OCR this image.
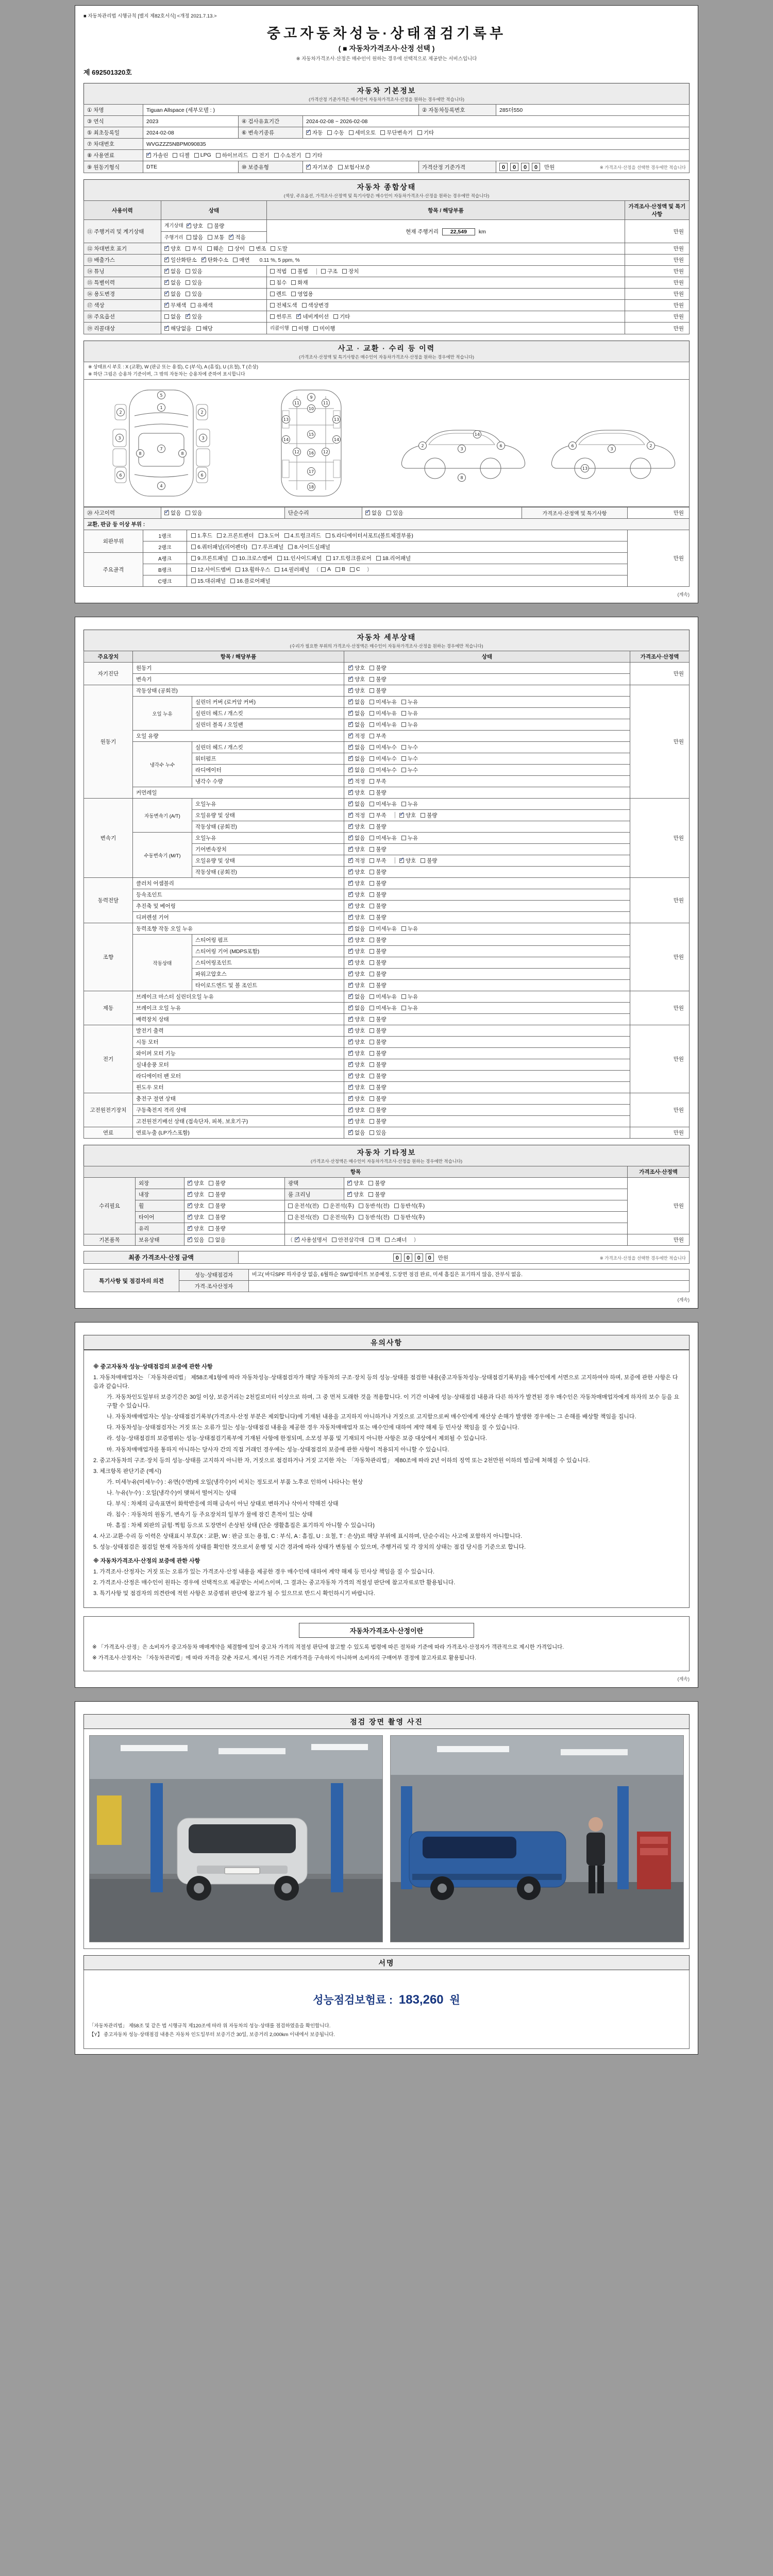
■ 자동차관리법 시행규칙 [별지 제82호서식] <개정 2021.7.13.>
중고자동차성능·상태점검기록부
( ■ 자동차가격조사·산정 선택 )
※ 자동차가격조사·산정은 매수인이 원하는 경우에 선택적으로 제공받는 서비스입니다
제 692501320호
자동차 기본정보
(가격산정 기준가격은 매수인이 자동차가격조사·산정을 원하는 경우에만 적습니다)
① 차명	Tiguan Allspace (세부모델 : )			② 자동차등록번호	285더550
③ 연식	2023	④ 검사유효기간	2024-02-08 ~ 2026-02-08		
⑤ 최초등록일	2024-02-08	⑥ 변속기종류	✓자동 수동 세미오토 무단변속기 기타
⑦ 차대번호	WVGZZZ5NBPM090835				
⑧ 사용연료	✓가솔린 디젤 LPG 하이브리드 전기 수소전기 기타
⑨ 원동기형식	DTE	⑩ 보증유형	✓자기보증 보험사보증	가격산정 기준가격	0 0 0 0 만원 ※ 가격조사·산정을 선택한 경우에만 적습니다
자동차 종합상태
(색상, 주요옵션, 가격조사·산정액 및 특기사항은 매수인이 자동차가격조사·산정을 원하는 경우에만 적습니다)
사용이력	상태	항목 / 해당부품	가격조사·산정액 및 특기사항
⑪ 주행거리 및 계기상태	계기상태 ✓ 양호 불량	현재 주행거리 22,549 km	만원
	주행거리 많음 보통 ✓ 적음
⑫ 차대번호 표기	✓양호 부식 훼손 상이 변조 도말		만원
⑬ 배출가스	✓일산화탄소 ✓ 탄화수소 매연 0.11 %, 5 ppm, %		만원
⑭ 튜닝	✓없음 있음	적법 불법 │ 구조 장치	만원
⑮ 특별이력	✓없음 있음	침수 화재	만원
⑯ 용도변경	✓없음 있음	렌트 영업용	만원
⑰ 색상	✓무채색 유채색	전체도색 색상변경	만원
⑱ 주요옵션	없음 ✓ 있음	썬루프 ✓ 네비게이션 기타	만원
⑲ 리콜대상	✓해당없음 해당	리콜이행 이행 미이행	만원
사고 · 교환 · 수리 등 이력
(가격조사·산정액 및 특기사항은 매수인이 자동차가격조사·산정을 원하는 경우에만 적습니다)
※ 상태표시 부호 : X (교환), W (판금 또는 용접), C (부식), A (흠집), U (요철), T (손상)
※ 하단 그림은 승용차 기준이며, 그 밖의 자동차는 승용차에 준하여 표시합니다
1
2	2
3	3
4
5
6	6
7
8	8
9
10
11	11
12	12
13	13
14	14
15
16
17
18
2
3
6
8
14
2
3
6
13
⑳ 사고이력	✓없음 있음	단순수리	✓없음 있음	가격조사·산정액 및 특기사항	만원
교환, 판금 등 이상 부위 :			
외판부위	1랭크	1.후드 2.프론트펜더 3.도어 4.트렁크리드 5.라디에이터서포트(볼트체결부품)	만원
	2랭크	6.쿼터패널(리어펜더) 7.루프패널 8.사이드실패널	
주요골격	A랭크	9.프론트패널 10.크로스멤버 11.인사이드패널 17.트렁크플로어 18.리어패널	
	B랭크	12.사이드멤버 13.휠하우스 14.필러패널 ( A B C )	
	C랭크	15.대쉬패널 16.플로어패널	
(계속)
자동차 세부상태
(수리가 필요한 부위의 가격조사·산정액은 매수인이 자동차가격조사·산정을 원하는 경우에만 적습니다)
주요장치	항목 / 해당부품		상태	가격조사·산정액
자기진단	원동기	✓양호 불량	만원
	변속기	✓양호 불량
원동기	작동상태 (공회전)	✓양호 불량	만원
	오일 누유	실린더 커버 (로커암 커버)	✓없음 미세누유 누유
		실린더 헤드 / 개스킷	✓없음 미세누유 누유
		실린더 블록 / 오일팬	✓없음 미세누유 누유
	오일 유량	✓적정 부족
	냉각수 누수	실린더 헤드 / 개스킷	✓없음 미세누수 누수
		워터펌프	✓없음 미세누수 누수
		라디에이터	✓없음 미세누수 누수
		냉각수 수량	✓적정 부족
	커먼레일	✓양호 불량
변속기	자동변속기 (A/T)	오일누유	✓없음 미세누유 누유	만원
		오일유량 및 상태	✓적정 부족 │ ✓ 양호 불량
		작동상태 (공회전)	✓양호 불량
	수동변속기 (M/T)	오일누유	✓없음 미세누유 누유
		기어변속장치	✓양호 불량
		오일유량 및 상태	✓적정 부족 │ ✓ 양호 불량
		작동상태 (공회전)	✓양호 불량
동력전달	클러치 어셈블리	✓양호 불량	만원
	등속조인트	✓양호 불량
	추진축 및 베어링	✓양호 불량
	디퍼렌셜 기어	✓양호 불량
조향	동력조향 작동 오일 누유	✓없음 미세누유 누유	만원
	작동상태	스티어링 펌프	✓양호 불량
		스티어링 기어 (MDPS포함)	✓양호 불량
		스티어링조인트	✓양호 불량
		파워고압호스	✓양호 불량
		타이로드엔드 및 볼 조인트	✓양호 불량
제동	브레이크 마스터 실린더오일 누유	✓없음 미세누유 누유	만원
	브레이크 오일 누유	✓없음 미세누유 누유
	배력장치 상태	✓양호 불량
전기	발전기 출력	✓양호 불량	만원
	시동 모터	✓양호 불량
	와이퍼 모터 기능	✓양호 불량
	실내송풍 모터	✓양호 불량
	라디에이터 팬 모터	✓양호 불량
	윈도우 모터	✓양호 불량
고전원전기장치	충전구 절연 상태	✓양호 불량	만원
	구동축전지 격리 상태	✓양호 불량
	고전원전기배선 상태 (접속단자, 피복, 보호기구)	✓양호 불량
연료	연료누출 (LP가스포함)	✓없음 있음	만원
자동차 기타정보
(가격조사·산정액은 매수인이 자동차가격조사·산정을 원하는 경우에만 적습니다)
항목					가격조사·산정액
수리필요	외장	✓양호 불량	광택	✓양호 불량	만원
	내장	✓양호 불량	룸 크리닝	✓양호 불량
	휠	✓양호 불량	운전석(전) 운전석(후) 동반석(전) 동반석(후)		
	타이어	✓양호 불량	운전석(전) 운전석(후) 동반석(전) 동반석(후)		
	유리	✓양호 불량	
기본품목	보유상태	✓있음 없음	( ✓ 사용설명서 안전삼각대 잭 스패너 )		만원
최종 가격조사·산정 금액	0 0 0 0 만원	※ 가격조사·산정을 선택한 경우에만 적습니다
특기사항 및 점검자의 의견	성능·상태점검자	비고( 바디SPF 하자증상 없음, 6월하순 SW업데이트 보증예정, 도장면 점검 완료, 미세 흠집은 표기하지 않음, 잔부식 없음.
	가격·조사산정자	
(계속)
유의사항
※ 중고자동차 성능·상태점검의 보증에 관한 사항
1. 자동차매매업자는 「자동차관리법」 제58조제1항에 따라 자동차성능·상태점검자가 해당 자동차의 구조·장치 등의 성능·상태를 점검한 내용(중고자동차성능·상태점검기록부)을 매수인에게 서면으로 고지하여야 하며, 보증에 관한 사항은 다음과 같습니다.
가. 자동차인도일부터 보증기간은 30일 이상, 보증거리는 2천킬로미터 이상으로 하며, 그 중 먼저 도래한 것을 적용합니다. 이 기간 이내에 성능·상태점검 내용과 다른 하자가 발견된 경우 매수인은 자동차매매업자에게 하자의 보수 등을 요구할 수 있습니다.
나. 자동차매매업자는 성능·상태점검기록부(가격조사·산정 부분은 제외합니다)에 기재된 내용을 고지하지 아니하거나 거짓으로 고지함으로써 매수인에게 재산상 손해가 발생한 경우에는 그 손해를 배상할 책임을 집니다.
다. 자동차성능·상태점검자는 거짓 또는 오류가 있는 성능·상태점검 내용을 제공한 경우 자동차매매업자 또는 매수인에 대하여 계약 해제 등 민사상 책임을 질 수 있습니다.
라. 성능·상태점검의 보증범위는 성능·상태점검기록부에 기재된 사항에 한정되며, 소모성 부품 및 기재되지 아니한 사항은 보증 대상에서 제외될 수 있습니다.
마. 자동차매매업자를 통하지 아니하는 당사자 간의 직접 거래인 경우에는 성능·상태점검의 보증에 관한 사항이 적용되지 아니할 수 있습니다.
2. 중고자동차의 구조·장치 등의 성능·상태를 고지하지 아니한 자, 거짓으로 점검하거나 거짓 고지한 자는 「자동차관리법」 제80조에 따라 2년 이하의 징역 또는 2천만원 이하의 벌금에 처해질 수 있습니다.
3. 체크항목 판단기준 (예시)
가. 미세누유(미세누수) : 유면(수면)에 오일(냉각수)이 비치는 정도로서 부품 노후로 인하여 나타나는 현상
나. 누유(누수) : 오일(냉각수)이 맺혀서 떨어지는 상태
다. 부식 : 차체의 금속표면이 화학반응에 의해 금속이 아닌 상태로 변하거나 삭아서 약해진 상태
라. 침수 : 자동차의 원동기, 변속기 등 주요장치의 일부가 물에 잠긴 흔적이 있는 상태
마. 흠집 : 차체 외판의 긁힘·찍힘 등으로 도장면이 손상된 상태 (단순 생활흠집은 표기하지 아니할 수 있습니다)
4. 사고·교환·수리 등 이력은 상태표시 부호(X : 교환, W : 판금 또는 용접, C : 부식, A : 흠집, U : 요철, T : 손상)로 해당 부위에 표시하며, 단순수리는 사고에 포함하지 아니합니다.
5. 성능·상태점검은 점검일 현재 자동차의 상태를 확인한 것으로서 운행 및 시간 경과에 따라 상태가 변동될 수 있으며, 주행거리 및 각 장치의 상태는 점검 당시를 기준으로 합니다.
※ 자동차가격조사·산정의 보증에 관한 사항
1. 가격조사·산정자는 거짓 또는 오류가 있는 가격조사·산정 내용을 제공한 경우 매수인에 대하여 계약 해제 등 민사상 책임을 질 수 있습니다.
2. 가격조사·산정은 매수인이 원하는 경우에 선택적으로 제공받는 서비스이며, 그 결과는 중고자동차 가격의 적절성 판단에 참고자료로만 활용됩니다.
3. 특기사항 및 점검자의 의견란에 적힌 사항은 보증범위 판단에 참고가 될 수 있으므로 반드시 확인하시기 바랍니다.
자동차가격조사·산정이란
※ 「가격조사·산정」은 소비자가 중고자동차 매매계약을 체결함에 있어 중고차 가격의 적절성 판단에 참고할 수 있도록 법령에 따른 절차와 기준에 따라 가격조사·산정자가 객관적으로 제시한 가격입니다.
※ 가격조사·산정자는 「자동차관리법」에 따라 자격을 갖춘 자로서, 제시된 가격은 거래가격을 구속하지 아니하며 소비자의 구매여부 결정에 참고자료로 활용됩니다.
(계속)
점검 장면 촬영 사진
서명
성능점검보험료 : 183,260 원
「자동차관리법」 제58조 및 같은 법 시행규칙 제120조에 따라 위 자동차의 성능·상태를 점검하였음을 확인합니다.
【Y】 중고자동차 성능·상태점검 내용은 자동차 인도일부터 보증기간 30일, 보증거리 2,000km 이내에서 보증됩니다.
